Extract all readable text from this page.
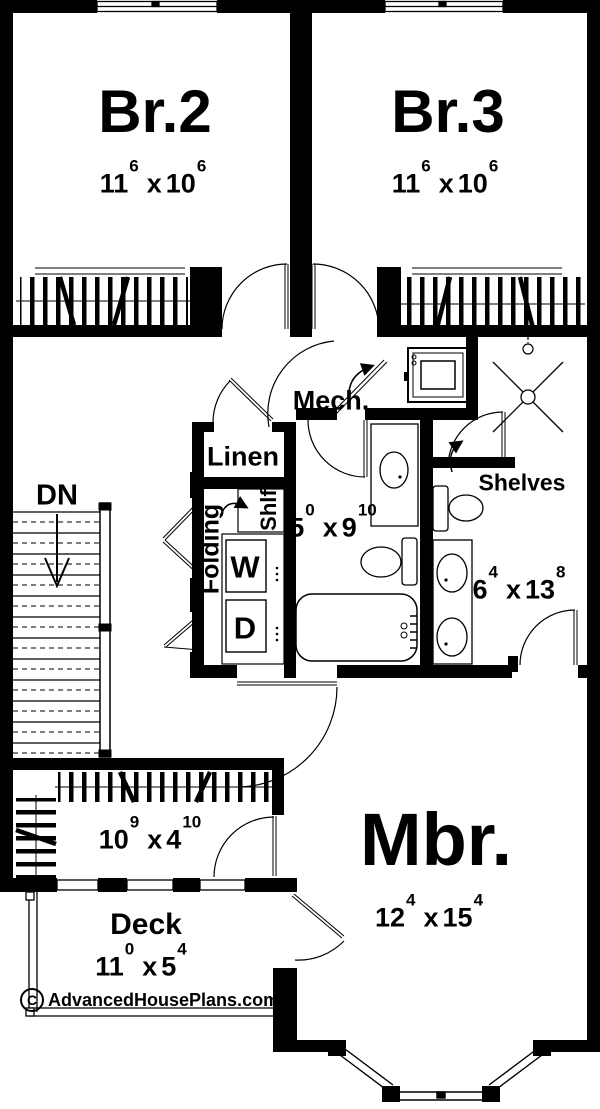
Br.2
$11^6x$ $10^6$
Br.3
$11^6x$ $10^6$
Mech.
Linen
Shlf.
Folding W
D
DN
$5^0x$ $9^{10}$
Shelves
$6^4x$ $13^8$
$10^9x$ $4^{10}$
Deck
$11^0x$ $5^4$
Mbr.
$12^4x$ $15^4$
C AdvancedHousePlans.com
